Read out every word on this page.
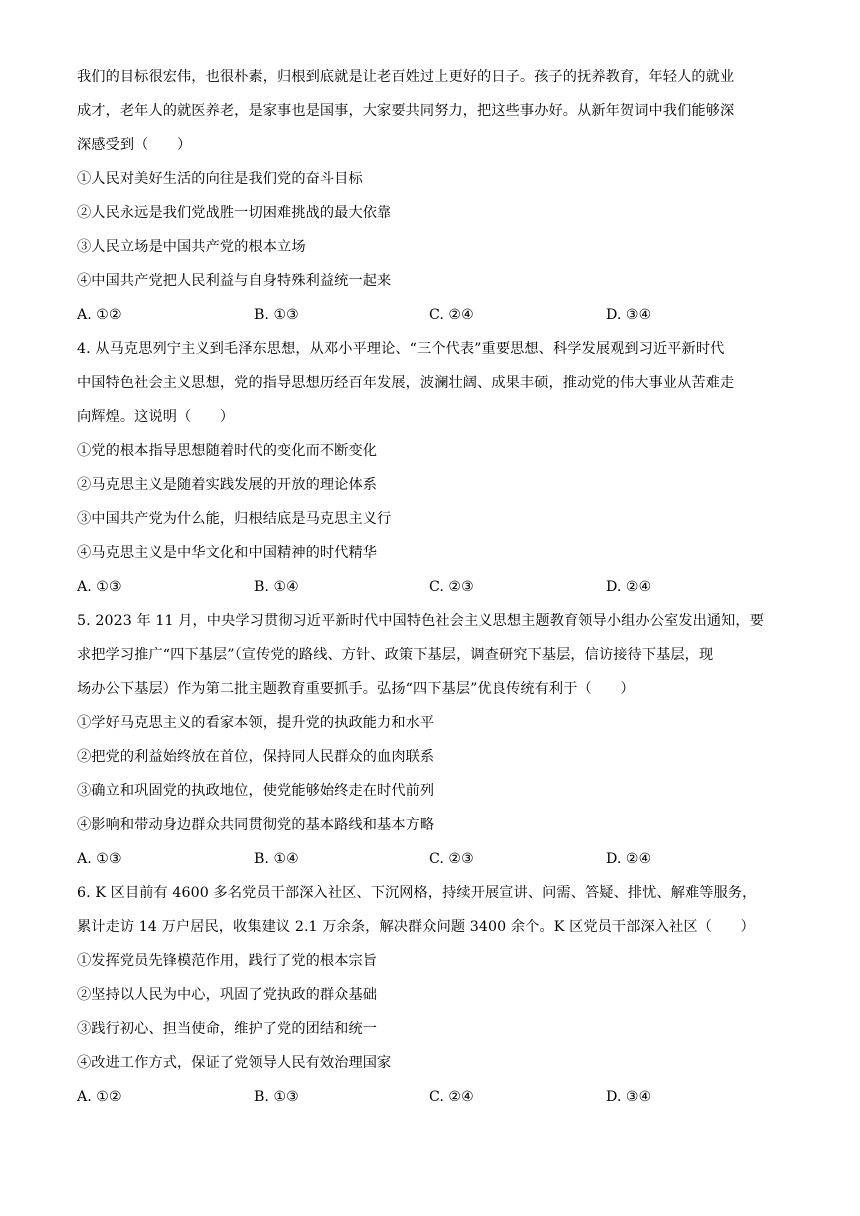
我们的目标很宏伟，也很朴素，归根到底就是让老百姓过上更好的日子。孩子的抚养教育，年轻人的就业
成才，老年人的就医养老，是家事也是国事，大家要共同努力，把这些事办好。从新年贺词中我们能够深
深感受到（　　）
①人民对美好生活的向往是我们党的奋斗目标
②人民永远是我们党战胜一切困难挑战的最大依靠
③人民立场是中国共产党的根本立场
④中国共产党把人民利益与自身特殊利益统一起来
A. ①②	B. ①③	C. ②④	D. ③④
4. 从马克思列宁主义到毛泽东思想，从邓小平理论、“三个代表”重要思想、科学发展观到习近平新时代
中国特色社会主义思想，党的指导思想历经百年发展，波澜壮阔、成果丰硕，推动党的伟大事业从苦难走
向辉煌。这说明（　　）
①党的根本指导思想随着时代的变化而不断变化
②马克思主义是随着实践发展的开放的理论体系
③中国共产党为什么能，归根结底是马克思主义行
④马克思主义是中华文化和中国精神的时代精华
A. ①③	B. ①④	C. ②③	D. ②④
5. 2023 年 11 月，中央学习贯彻习近平新时代中国特色社会主义思想主题教育领导小组办公室发出通知，要
求把学习推广“四下基层”（宣传党的路线、方针、政策下基层，调查研究下基层，信访接待下基层，现
场办公下基层）作为第二批主题教育重要抓手。弘扬“四下基层”优良传统有利于（　　）
①学好马克思主义的看家本领，提升党的执政能力和水平
②把党的利益始终放在首位，保持同人民群众的血肉联系
③确立和巩固党的执政地位，使党能够始终走在时代前列
④影响和带动身边群众共同贯彻党的基本路线和基本方略
A. ①③	B. ①④	C. ②③	D. ②④
6. K 区目前有 4600 多名党员干部深入社区、下沉网格，持续开展宣讲、问需、答疑、排忧、解难等服务，
累计走访 14 万户居民，收集建议 2.1 万余条，解决群众问题 3400 余个。K 区党员干部深入社区（　　）
①发挥党员先锋模范作用，践行了党的根本宗旨
②坚持以人民为中心，巩固了党执政的群众基础
③践行初心、担当使命，维护了党的团结和统一
④改进工作方式，保证了党领导人民有效治理国家
A. ①②	B. ①③	C. ②④	D. ③④
